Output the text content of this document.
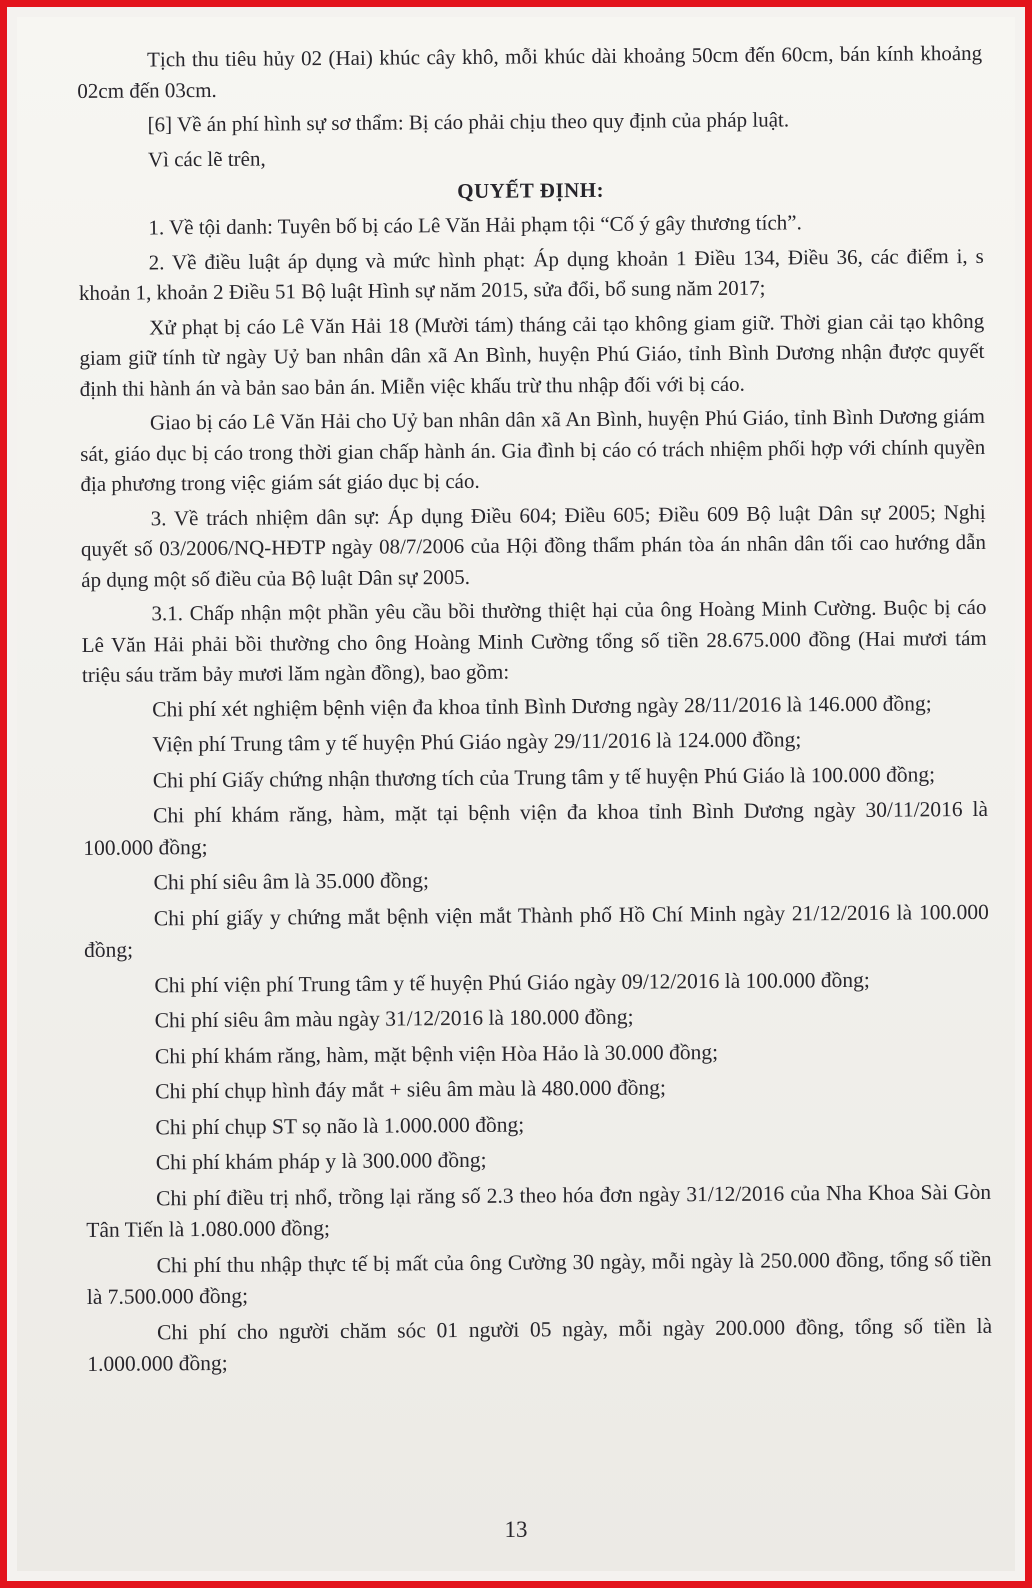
Tịch thu tiêu hủy 02 (Hai) khúc cây khô, mỗi khúc dài khoảng 50cm đến 60cm, bán kính khoảng 02cm đến 03cm.

[6] Về án phí hình sự sơ thẩm: Bị cáo phải chịu theo quy định của pháp luật.

Vì các lẽ trên,

QUYẾT ĐỊNH:

1. Về tội danh: Tuyên bố bị cáo Lê Văn Hải phạm tội “Cố ý gây thương tích”.

2. Về điều luật áp dụng và mức hình phạt: Áp dụng khoản 1 Điều 134, Điều 36, các điểm i, s khoản 1, khoản 2 Điều 51 Bộ luật Hình sự năm 2015, sửa đổi, bổ sung năm 2017;

Xử phạt bị cáo Lê Văn Hải 18 (Mười tám) tháng cải tạo không giam giữ. Thời gian cải tạo không giam giữ tính từ ngày Uỷ ban nhân dân xã An Bình, huyện Phú Giáo, tỉnh Bình Dương nhận được quyết định thi hành án và bản sao bản án. Miễn việc khấu trừ thu nhập đối với bị cáo.

Giao bị cáo Lê Văn Hải cho Uỷ ban nhân dân xã An Bình, huyện Phú Giáo, tỉnh Bình Dương giám sát, giáo dục bị cáo trong thời gian chấp hành án. Gia đình bị cáo có trách nhiệm phối hợp với chính quyền địa phương trong việc giám sát giáo dục bị cáo.

3. Về trách nhiệm dân sự: Áp dụng Điều 604; Điều 605; Điều 609 Bộ luật Dân sự 2005; Nghị quyết số 03/2006/NQ-HĐTP ngày 08/7/2006 của Hội đồng thẩm phán tòa án nhân dân tối cao hướng dẫn áp dụng một số điều của Bộ luật Dân sự 2005.

3.1. Chấp nhận một phần yêu cầu bồi thường thiệt hại của ông Hoàng Minh Cường. Buộc bị cáo Lê Văn Hải phải bồi thường cho ông Hoàng Minh Cường tổng số tiền 28.675.000 đồng (Hai mươi tám triệu sáu trăm bảy mươi lăm ngàn đồng), bao gồm:

Chi phí xét nghiệm bệnh viện đa khoa tỉnh Bình Dương ngày 28/11/2016 là 146.000 đồng;

Viện phí Trung tâm y tế huyện Phú Giáo ngày 29/11/2016 là 124.000 đồng;

Chi phí Giấy chứng nhận thương tích của Trung tâm y tế huyện Phú Giáo là 100.000 đồng;

Chi phí khám răng, hàm, mặt tại bệnh viện đa khoa tỉnh Bình Dương ngày 30/11/2016 là 100.000 đồng;

Chi phí siêu âm là 35.000 đồng;

Chi phí giấy y chứng mắt bệnh viện mắt Thành phố Hồ Chí Minh ngày 21/12/2016 là 100.000 đồng;

Chi phí viện phí Trung tâm y tế huyện Phú Giáo ngày 09/12/2016 là 100.000 đồng;

Chi phí siêu âm màu ngày 31/12/2016 là 180.000 đồng;

Chi phí khám răng, hàm, mặt bệnh viện Hòa Hảo là 30.000 đồng;

Chi phí chụp hình đáy mắt + siêu âm màu là 480.000 đồng;

Chi phí chụp ST sọ não là 1.000.000 đồng;

Chi phí khám pháp y là 300.000 đồng;

Chi phí điều trị nhổ, trồng lại răng số 2.3 theo hóa đơn ngày 31/12/2016 của Nha Khoa Sài Gòn Tân Tiến là 1.080.000 đồng;

Chi phí thu nhập thực tế bị mất của ông Cường 30 ngày, mỗi ngày là 250.000 đồng, tổng số tiền là 7.500.000 đồng;

Chi phí cho người chăm sóc 01 người 05 ngày, mỗi ngày 200.000 đồng, tổng số tiền là 1.000.000 đồng;

13
